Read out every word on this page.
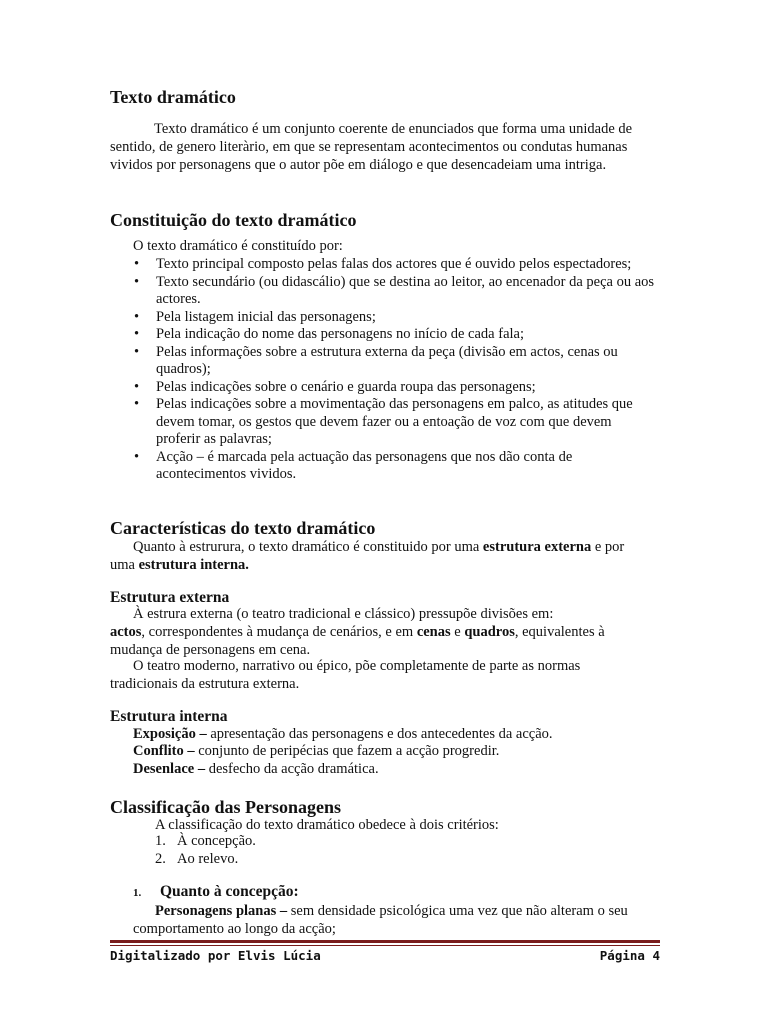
Texto dramático

Texto dramático é um conjunto coerente de enunciados que forma uma unidade de sentido, de genero literàrio, em que se representam acontecimentos ou condutas humanas vividos por personagens que o autor põe em diálogo e que desencadeiam uma intriga.

Constituição do texto dramático

O texto dramático é constituído por:

• Texto principal composto pelas falas dos actores que é ouvido pelos espectadores;
• Texto secundário (ou didascálio) que se destina ao leitor, ao encenador da peça ou aos actores.
• Pela listagem inicial das personagens;
• Pela indicação do nome das personagens no início de cada fala;
• Pelas informações sobre a estrutura externa da peça (divisão em actos, cenas ou quadros);
• Pelas indicações sobre o cenário e guarda roupa das personagens;
• Pelas indicações sobre a movimentação das personagens em palco, as atitudes que devem tomar, os gestos que devem fazer ou a entoação de voz com que devem proferir as palavras;
• Acção – é marcada pela actuação das personagens que nos dão conta de acontecimentos vividos.
Características do texto dramático

Quanto à estrurura, o texto dramático é constituido por uma estrutura externa e por uma estrutura interna.

Estrutura externa

À estrura externa (o teatro tradicional e clássico) pressupõe divisões em:

actos, correspondentes à mudança de cenários, e em cenas e quadros, equivalentes à mudança de personagens em cena.

O teatro moderno, narrativo ou épico, põe completamente de parte as normas tradicionais da estrutura externa.

Estrutura interna

Exposição – apresentação das personagens e dos antecedentes da acção.

Conflito – conjunto de peripécias que fazem a acção progredir.

Desenlace – desfecho da acção dramática.

Classificação das Personagens

A classificação do texto dramático obedece à dois critérios:

1. À concepção.
2. Ao relevo.
1. Quanto à concepção:

Personagens planas – sem densidade psicológica uma vez que não alteram o seu comportamento ao longo da acção;

Digitalizado por Elvis Lúcia	Página 4
